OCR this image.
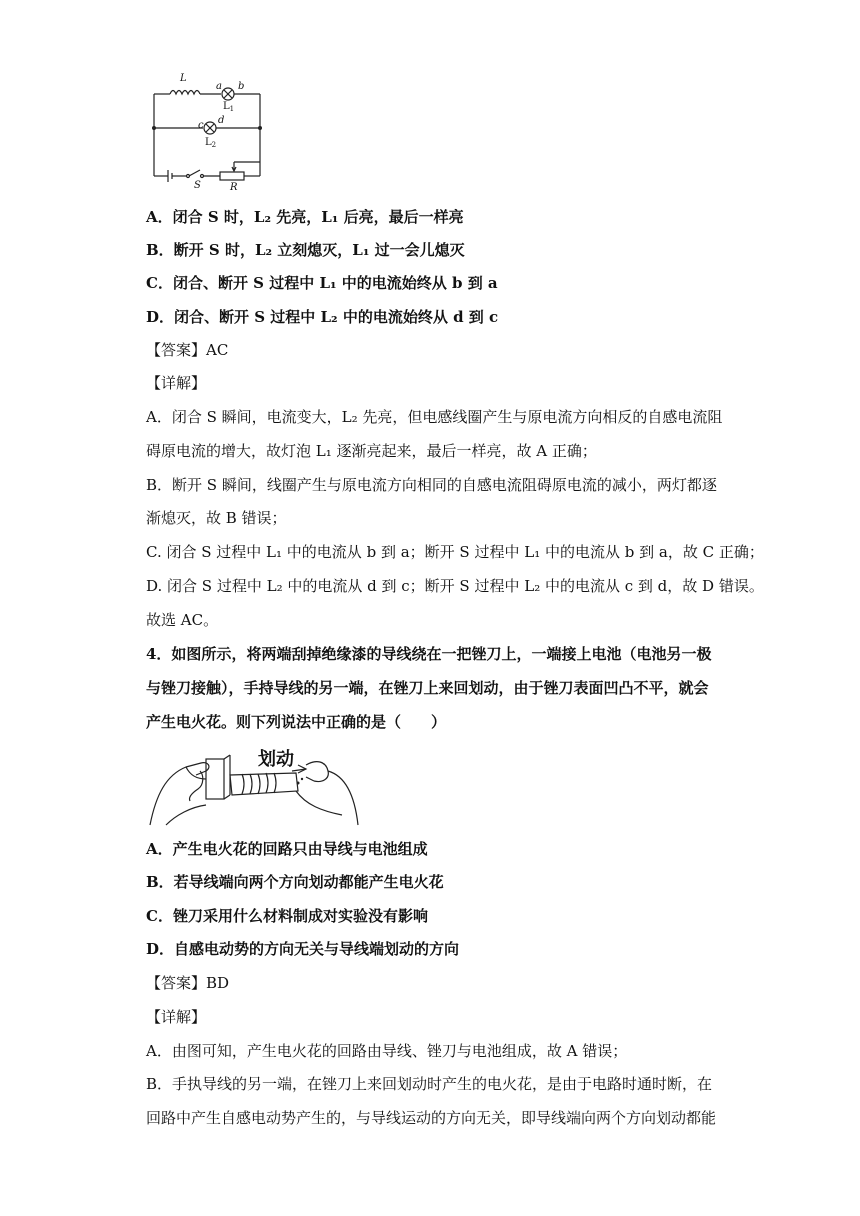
L
a b
c d
S	R
$L_1$
$L_2$
A．闭合 S 时，L₂ 先亮，L₁ 后亮，最后一样亮
B．断开 S 时，L₂ 立刻熄灭，L₁ 过一会儿熄灭
C．闭合、断开 S 过程中 L₁ 中的电流始终从 b 到 a
D．闭合、断开 S 过程中 L₂ 中的电流始终从 d 到 c
【答案】AC
【详解】
A．闭合 S 瞬间，电流变大，L₂ 先亮，但电感线圈产生与原电流方向相反的自感电流阻
碍原电流的增大，故灯泡 L₁ 逐渐亮起来，最后一样亮，故 A 正确；
B．断开 S 瞬间，线圈产生与原电流方向相同的自感电流阻碍原电流的减小，两灯都逐
渐熄灭，故 B 错误；
C. 闭合 S 过程中 L₁ 中的电流从 b 到 a；断开 S 过程中 L₁ 中的电流从 b 到 a，故 C 正确；
D. 闭合 S 过程中 L₂ 中的电流从 d 到 c；断开 S 过程中 L₂ 中的电流从 c 到 d，故 D 错误。
故选 AC。
4．如图所示，将两端刮掉绝缘漆的导线绕在一把锉刀上，一端接上电池（电池另一极
与锉刀接触），手持导线的另一端，在锉刀上来回划动，由于锉刀表面凹凸不平，就会
产生电火花。则下列说法中正确的是（　　）
划动
A．产生电火花的回路只由导线与电池组成
B．若导线端向两个方向划动都能产生电火花
C．锉刀采用什么材料制成对实验没有影响
D．自感电动势的方向无关与导线端划动的方向
【答案】BD
【详解】
A．由图可知，产生电火花的回路由导线、锉刀与电池组成，故 A 错误；
B．手执导线的另一端，在锉刀上来回划动时产生的电火花，是由于电路时通时断，在
回路中产生自感电动势产生的，与导线运动的方向无关，即导线端向两个方向划动都能
